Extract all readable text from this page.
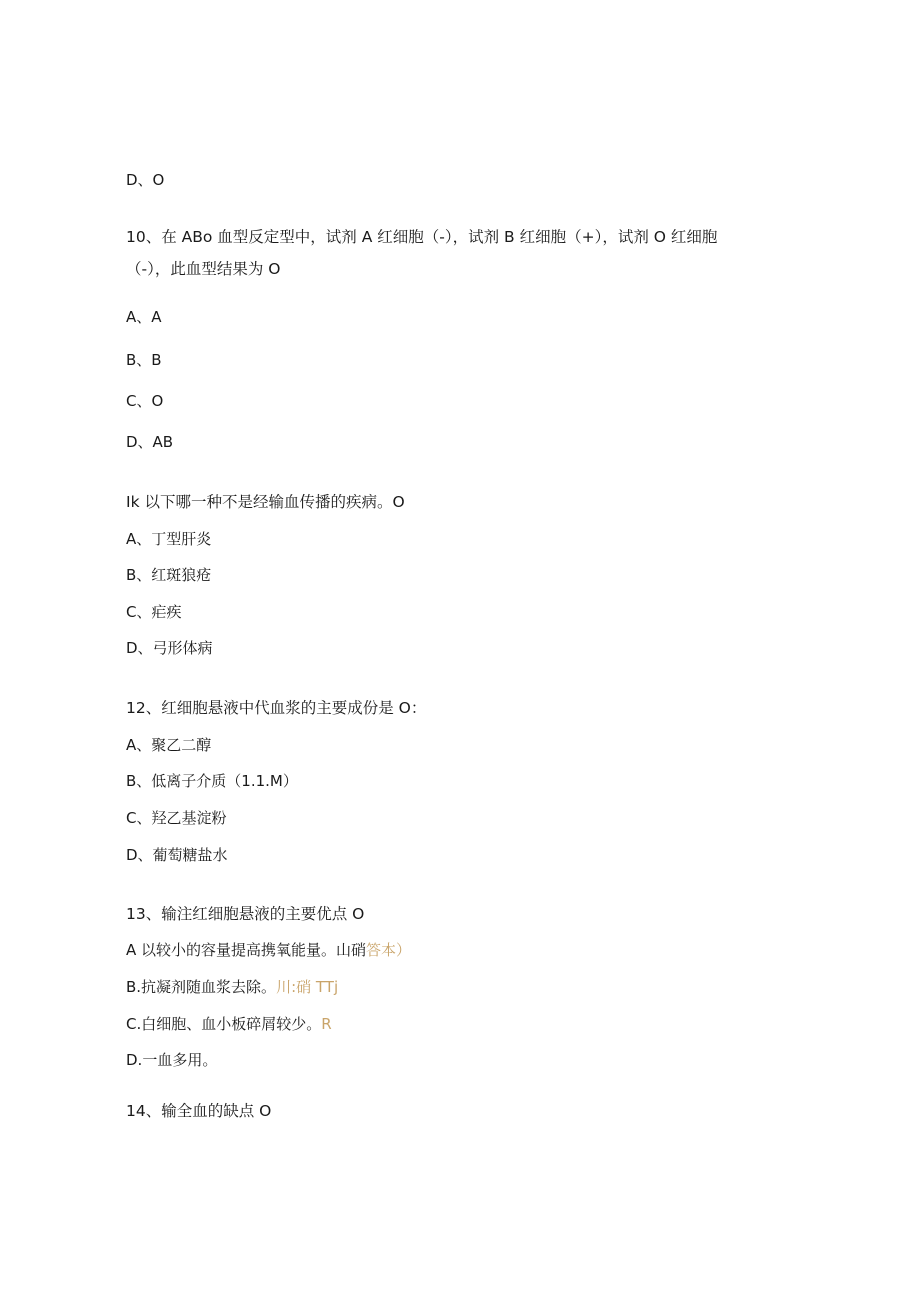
D、O
10、在 ABo 血型反定型中，试剂 A 红细胞（-），试剂 B 红细胞（+），试剂 O 红细胞
（-），此血型结果为 O
A、A
B、B
C、O
D、AB
Ik 以下哪一种不是经输血传播的疾病。O
A、丁型肝炎
B、红斑狼疮
C、疟疾
D、弓形体病
12、红细胞悬液中代血浆的主要成份是 O：
A、聚乙二醇
B、低离子介质（1.1.M）
C、羟乙基淀粉
D、葡萄糖盐水
13、输注红细胞悬液的主要优点 O
A 以较小的容量提高携氧能量。山硝答本）
B.抗凝剂随血浆去除。川:硝 TTj
C.白细胞、血小板碎屑较少。R
D.一血多用。
14、输全血的缺点 O
